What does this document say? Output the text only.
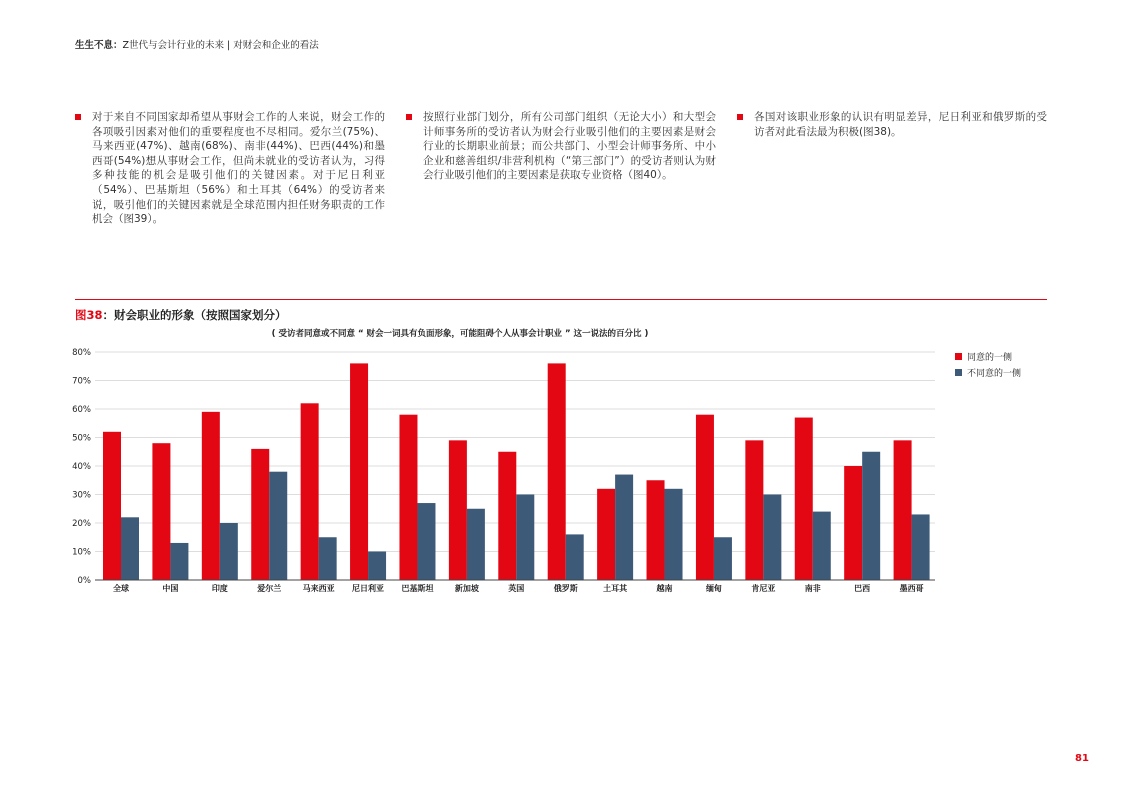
生生不息：Z世代与会计行业的未来 | 对财会和企业的看法
对于来自不同国家却希望从事财会工作的人来说，财会工作的各项吸引因素对他们的重要程度也不尽相同。爱尔兰(75%)、马来西亚(47%)、越南(68%)、南非(44%)、巴西(44%)和墨西哥(54%)想从事财会工作，但尚未就业的受访者认为，习得多种技能的机会是吸引他们的关键因素。对于尼日利亚（54%）、巴基斯坦（56%）和土耳其（64%）的受访者来说，吸引他们的关键因素就是全球范围内担任财务职责的工作机会（图39）。
按照行业部门划分，所有公司部门组织（无论大小）和大型会计师事务所的受访者认为财会行业吸引他们的主要因素是财会行业的长期职业前景；而公共部门、小型会计师事务所、中小企业和慈善组织/非营利机构（“第三部门”）的受访者则认为财会行业吸引他们的主要因素是获取专业资格（图40）。
各国对该职业形象的认识有明显差异，尼日利亚和俄罗斯的受访者对此看法最为积极(图38)。
图38：财会职业的形象（按照国家划分）
( 受访者同意或不同意 “ 财会一词具有负面形象，可能阻碍个人从事会计职业 ” 这一说法的百分比 )
0%
10%
20%
30%
40%
50%
60%
70%
80%
全球	中国	印度	爱尔兰	马来西亚 尼日利亚 巴基斯坦	新加坡	英国	俄罗斯	土耳其	越南	缅甸	肯尼亚	南非	巴西	墨西哥
同意的一侧
不同意的一侧
81
